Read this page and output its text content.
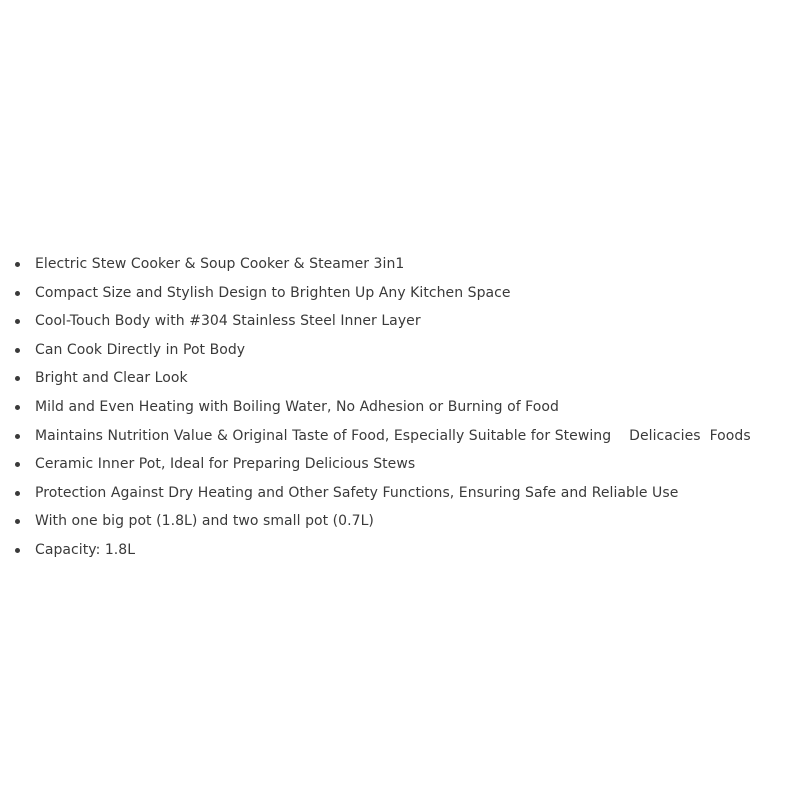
Electric Stew Cooker & Soup Cooker & Steamer 3in1
Compact Size and Stylish Design to Brighten Up Any Kitchen Space
Cool-Touch Body with #304 Stainless Steel Inner Layer
Can Cook Directly in Pot Body
Bright and Clear Look
Mild and Even Heating with Boiling Water, No Adhesion or Burning of Food
Maintains Nutrition Value & Original Taste of Food, Especially Suitable for Stewing    Delicacies  Foods
Ceramic Inner Pot, Ideal for Preparing Delicious Stews
Protection Against Dry Heating and Other Safety Functions, Ensuring Safe and Reliable Use
With one big pot (1.8L) and two small pot (0.7L)
Capacity: 1.8L
